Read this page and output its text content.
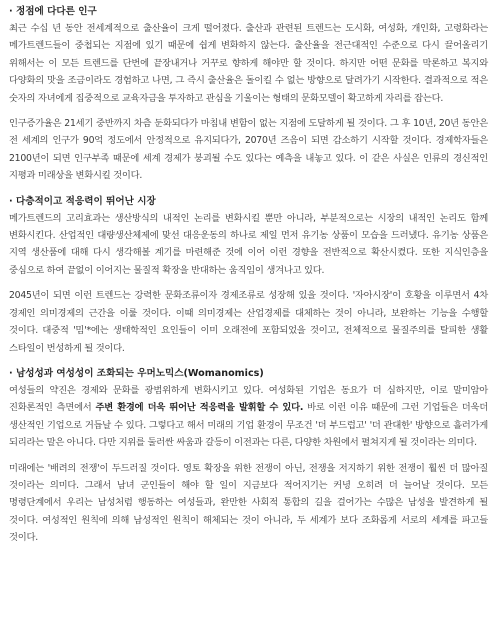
· 정점에 다다른 인구

최근 수십 년 동안 전세계적으로 출산율이 크게 떨어졌다. 출산과 관련된 트렌드는 도시화, 여성화, 개인화, 고령화라는 메가트렌드들이 중첩되는 지점에 있기 때문에 쉽게 변화하지 않는다. 출산율을 전근대적인 수준으로 다시 끌어올리기 위해서는 이 모든 트렌드를 단번에 끝장내거나 거꾸로 향하게 해야만 할 것이다. 하지만 어떤 문화를 막론하고 복지와 다양화의 맛을 조금이라도 경험하고 나면, 그 즉시 출산율은 돌이킬 수 없는 방향으로 달려가기 시작한다. 결과적으로 적은 숫자의 자녀에게 집중적으로 교육자금을 투자하고 관심을 기울이는 형태의 문화모델이 확고하게 자리를 잡는다.

인구증가율은 21세기 중반까지 차츰 둔화되다가 마침내 변함이 없는 지점에 도달하게 될 것이다. 그 후 10년, 20년 동안은 전 세계의 인구가 90억 정도에서 안정적으로 유지되다가, 2070년 즈음이 되면 감소하기 시작할 것이다. 경제학자들은 2100년이 되면 인구부족 때문에 세계 경제가 붕괴될 수도 있다는 예측을 내놓고 있다. 이 같은 사실은 인류의 경신적인 지평과 미래상을 변화시킬 것이다.

· 다층적이고 적응력이 뛰어난 시장

메가트렌드의 고리효과는 생산방식의 내적인 논리를 변화시킬 뿐만 아니라, 부분적으로는 시장의 내적인 논리도 함께 변화시킨다. 산업적인 대량생산체제에 맞선 대응운동의 하나로 제일 먼저 유기농 상품이 모습을 드러냈다. 유기농 상품은 지역 생산품에 대해 다시 생각해볼 계기를 마련해준 것에 이어 이런 경향을 전반적으로 확산시켰다. 또한 지식인층을 중심으로 하여 끝없이 이어지는 물질적 확장을 반대하는 움직임이 생겨나고 있다.

2045년이 되면 이런 트렌드는 강력한 문화조류이자 경제조류로 성장해 있을 것이다. '자아시장'이 호황을 이루면서 4차 경제인 의미경제의 근간을 이룰 것이다. 이때 의미경제는 산업경제를 대체하는 것이 아니라, 보완하는 기능을 수행할 것이다. 대중적 '밈'*에는 생태학적인 요인들이 이미 오래전에 포함되었을 것이고, 전체적으로 물질주의를 탈피한 생활 스타일이 번성하게 될 것이다.

· 남성성과 여성성이 조화되는 우머노믹스(Womanomics)

여성들의 약진은 경제와 문화를 광범위하게 변화시키고 있다. 여성화된 기업은 동요가 더 심하지만, 이로 말미암아 진화론적인 측면에서 주변 환경에 더욱 뛰어난 적응력을 발휘할 수 있다. 바로 이런 이유 때문에 그런 기업들은 더욱더 생산적인 기업으로 거듭날 수 있다. 그렇다고 해서 미래의 기업 환경이 무조건 '더 부드럽고' '더 관대한' 방향으로 흘러가게 되리라는 말은 아니다. 다만 지위를 둘러싼 싸움과 갈등이 이전과는 다른, 다양한 차원에서 펼쳐지게 될 것이라는 의미다.

미래에는 '배려의 전쟁'이 두드러질 것이다. 영토 확장을 위한 전쟁이 아닌, 전쟁을 저지하기 위한 전쟁이 훨씬 더 많아질 것이라는 의미다. 그래서 남녀 군인들이 해야 할 일이 지금보다 적어지기는 커녕 오히려 더 늘어날 것이다. 모든 명령단계에서 우리는 남성처럼 행동하는 여성들과, 완만한 사회적 통합의 길을 걸어가는 수많은 남성을 발견하게 될 것이다. 여성적인 원칙에 의해 남성적인 원칙이 해체되는 것이 아니라, 두 세계가 보다 조화롭게 서로의 세계를 파고들 것이다.
